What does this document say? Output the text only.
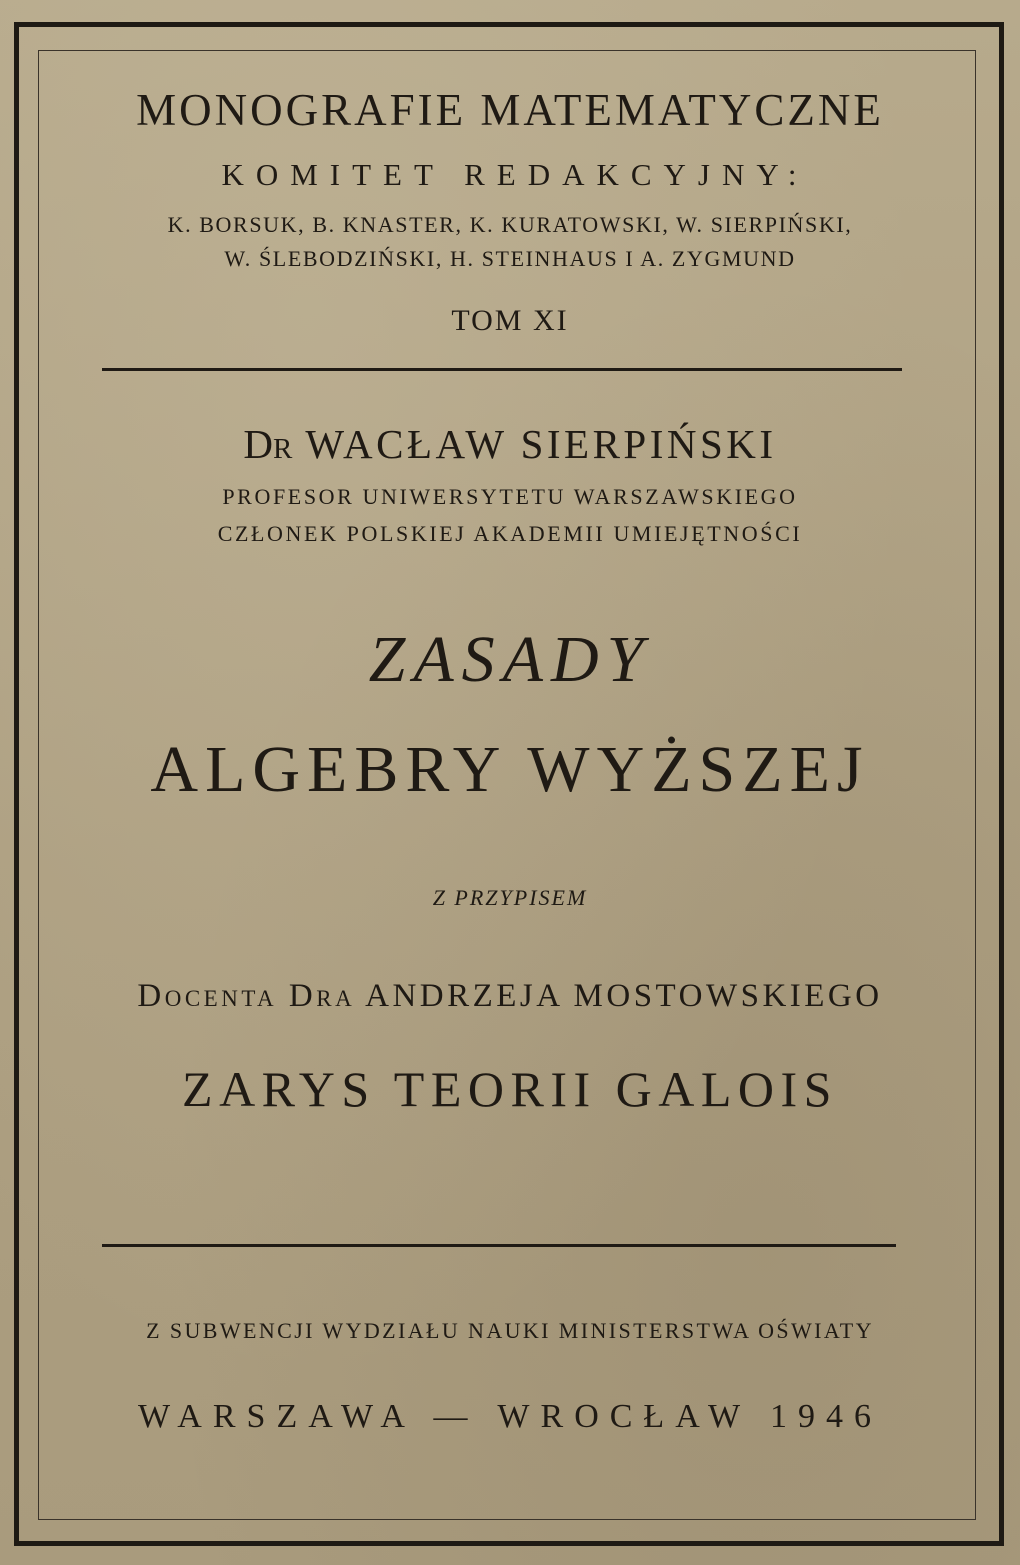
MONOGRAFIE MATEMATYCZNE
KOMITET REDAKCYJNY:
K. BORSUK, B. KNASTER, K. KURATOWSKI, W. SIERPIŃSKI,
W. ŚLEBODZIŃSKI, H. STEINHAUS I A. ZYGMUND
TOM XI
Dr WACŁAW SIERPIŃSKI
PROFESOR UNIWERSYTETU WARSZAWSKIEGO
CZŁONEK POLSKIEJ AKADEMII UMIEJĘTNOŚCI
ZASADY
ALGEBRY WYŻSZEJ
Z PRZYPISEM
Docenta Dra ANDRZEJA MOSTOWSKIEGO
ZARYS TEORII GALOIS
Z SUBWENCJI WYDZIAŁU NAUKI MINISTERSTWA OŚWIATY
WARSZAWA — WROCŁAW 1946
